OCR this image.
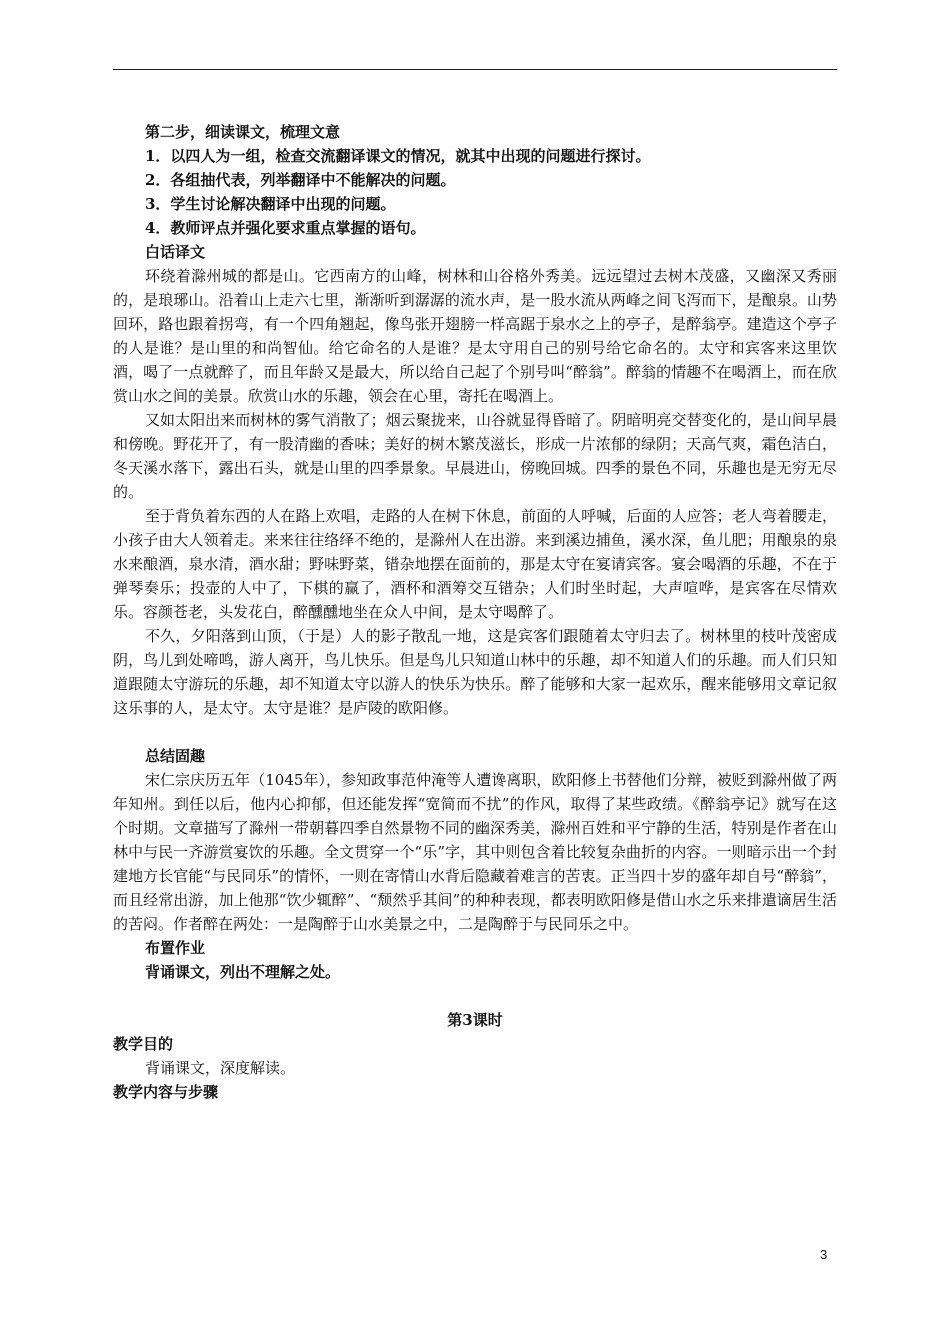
第二步，细读课文，梳理文意

1．以四人为一组，检查交流翻译课文的情况，就其中出现的问题进行探讨。

2．各组抽代表，列举翻译中不能解决的问题。

3．学生讨论解决翻译中出现的问题。

4．教师评点并强化要求重点掌握的语句。

白话译文

环绕着滁州城的都是山。它西南方的山峰，树林和山谷格外秀美。远远望过去树木茂盛，又幽深又秀丽的，是琅琊山。沿着山上走六七里，渐渐听到潺潺的流水声，是一股水流从两峰之间飞泻而下，是酿泉。山势回环，路也跟着拐弯，有一个四角翘起，像鸟张开翅膀一样高踞于泉水之上的亭子，是醉翁亭。建造这个亭子的人是谁？是山里的和尚智仙。给它命名的人是谁？是太守用自己的别号给它命名的。太守和宾客来这里饮酒，喝了一点就醉了，而且年龄又是最大，所以给自己起了个别号叫“醉翁”。醉翁的情趣不在喝酒上，而在欣赏山水之间的美景。欣赏山水的乐趣，领会在心里，寄托在喝酒上。

又如太阳出来而树林的雾气消散了；烟云聚拢来，山谷就显得昏暗了。阴暗明亮交替变化的，是山间早晨和傍晚。野花开了，有一股清幽的香味；美好的树木繁茂滋长，形成一片浓郁的绿阴；天高气爽，霜色洁白，冬天溪水落下，露出石头，就是山里的四季景象。早晨进山，傍晚回城。四季的景色不同，乐趣也是无穷无尽的。

至于背负着东西的人在路上欢唱，走路的人在树下休息，前面的人呼喊，后面的人应答；老人弯着腰走，小孩子由大人领着走。来来往往络绎不绝的，是滁州人在出游。来到溪边捕鱼，溪水深，鱼儿肥；用酿泉的泉水来酿酒，泉水清，酒水甜；野味野菜，错杂地摆在面前的，那是太守在宴请宾客。宴会喝酒的乐趣，不在于弹琴奏乐；投壶的人中了，下棋的赢了，酒杯和酒筹交互错杂；人们时坐时起，大声喧哗，是宾客在尽情欢乐。容颜苍老，头发花白，醉醺醺地坐在众人中间，是太守喝醉了。

不久，夕阳落到山顶，（于是）人的影子散乱一地，这是宾客们跟随着太守归去了。树林里的枝叶茂密成阴，鸟儿到处啼鸣，游人离开，鸟儿快乐。但是鸟儿只知道山林中的乐趣，却不知道人们的乐趣。而人们只知道跟随太守游玩的乐趣，却不知道太守以游人的快乐为快乐。醉了能够和大家一起欢乐，醒来能够用文章记叙这乐事的人，是太守。太守是谁？是庐陵的欧阳修。

总结固趣

宋仁宗庆历五年（1045年），参知政事范仲淹等人遭谗离职，欧阳修上书替他们分辩，被贬到滁州做了两年知州。到任以后，他内心抑郁，但还能发挥“宽简而不扰”的作风，取得了某些政绩。《醉翁亭记》就写在这个时期。文章描写了滁州一带朝暮四季自然景物不同的幽深秀美，滁州百姓和平宁静的生活，特别是作者在山林中与民一齐游赏宴饮的乐趣。全文贯穿一个“乐”字，其中则包含着比较复杂曲折的内容。一则暗示出一个封建地方长官能“与民同乐”的情怀，一则在寄情山水背后隐藏着难言的苦衷。正当四十岁的盛年却自号“醉翁”，而且经常出游，加上他那“饮少辄醉”、“颓然乎其间”的种种表现，都表明欧阳修是借山水之乐来排遣谪居生活的苦闷。作者醉在两处：一是陶醉于山水美景之中，二是陶醉于与民同乐之中。

布置作业

背诵课文，列出不理解之处。

第3课时

教学目的

背诵课文，深度解读。

教学内容与步骤

3
